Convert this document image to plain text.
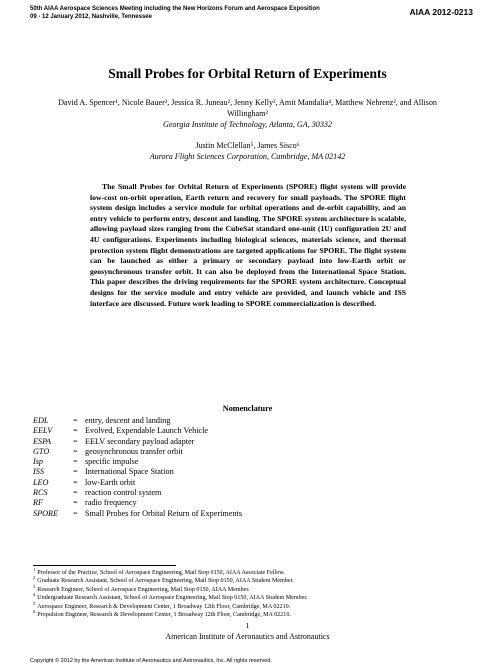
50th AIAA Aerospace Sciences Meeting including the New Horizons Forum and Aerospace Exposition
09 - 12 January 2012, Nashville, Tennessee	AIAA 2012-0213
Small Probes for Orbital Return of Experiments
David A. Spencer¹, Nicole Bauer², Jessica R. Juneau², Jenny Kelly³, Amit Mandalia⁴, Matthew Nehrenz², and Allison Willingham²
Georgia Institute of Technology, Atlanta, GA, 30332
Justin McClellan⁵, James Sisco⁶
Aurora Flight Sciences Corporation, Cambridge, MA 02142
The Small Probes for Orbital Return of Experiments (SPORE) flight system will provide low-cost on-orbit operation, Earth return and recovery for small payloads. The SPORE flight system design includes a service module for orbital operations and de-orbit capability, and an entry vehicle to perform entry, descent and landing. The SPORE system architecture is scalable, allowing payload sizes ranging from the CubeSat standard one-unit (1U) configuration 2U and 4U configurations. Experiments including biological sciences, materials science, and thermal protection system flight demonstrations are targeted applications for SPORE. The flight system can be launched as either a primary or secondary payload into low-Earth orbit or geosynchronous transfer orbit. It can also be deployed from the International Space Station. This paper describes the driving requirements for the SPORE system architecture. Conceptual designs for the service module and entry vehicle are provided, and launch vehicle and ISS interface are discussed. Future work leading to SPORE commercialization is described.
Nomenclature
EDL	=	entry, descent and landing
EELV	=	Evolved, Expendable Launch Vehicle
ESPA	=	EELV secondary payload adapter
GTO	=	geosynchronous transfer orbit
Isp	=	specific impulse
ISS	=	International Space Station
LEO	=	low-Earth orbit
RCS	=	reaction control system
RF	=	radio frequency
SPORE	=	Small Probes for Orbital Return of Experiments
$^1$Professor of the Practice, School of Aerospace Engineering, Mail Stop 0150, AIAA Associate Fellow.
$^2$Graduate Research Assistant, School of Aerospace Engineering, Mail Stop 0150, AIAA Student Member.
$^3$Research Engineer, School of Aerospace Engineering, Mail Stop 0150, AIAA Member.
$^4$Undergraduate Research Assistant, School of Aerospace Engineering, Mail Stop 0150, AIAA Student Member.
$^5$Aerospace Engineer, Research & Development Center, 1 Broadway 12th Floor, Cambridge, MA 02210.
$^6$Propulsion Engineer, Research & Development Center, 1 Broadway 12th Floor, Cambridge, MA 02210.
1
American Institute of Aeronautics and Astronautics
Copyright © 2012 by the American Institute of Aeronautics and Astronautics, Inc. All rights reserved.
